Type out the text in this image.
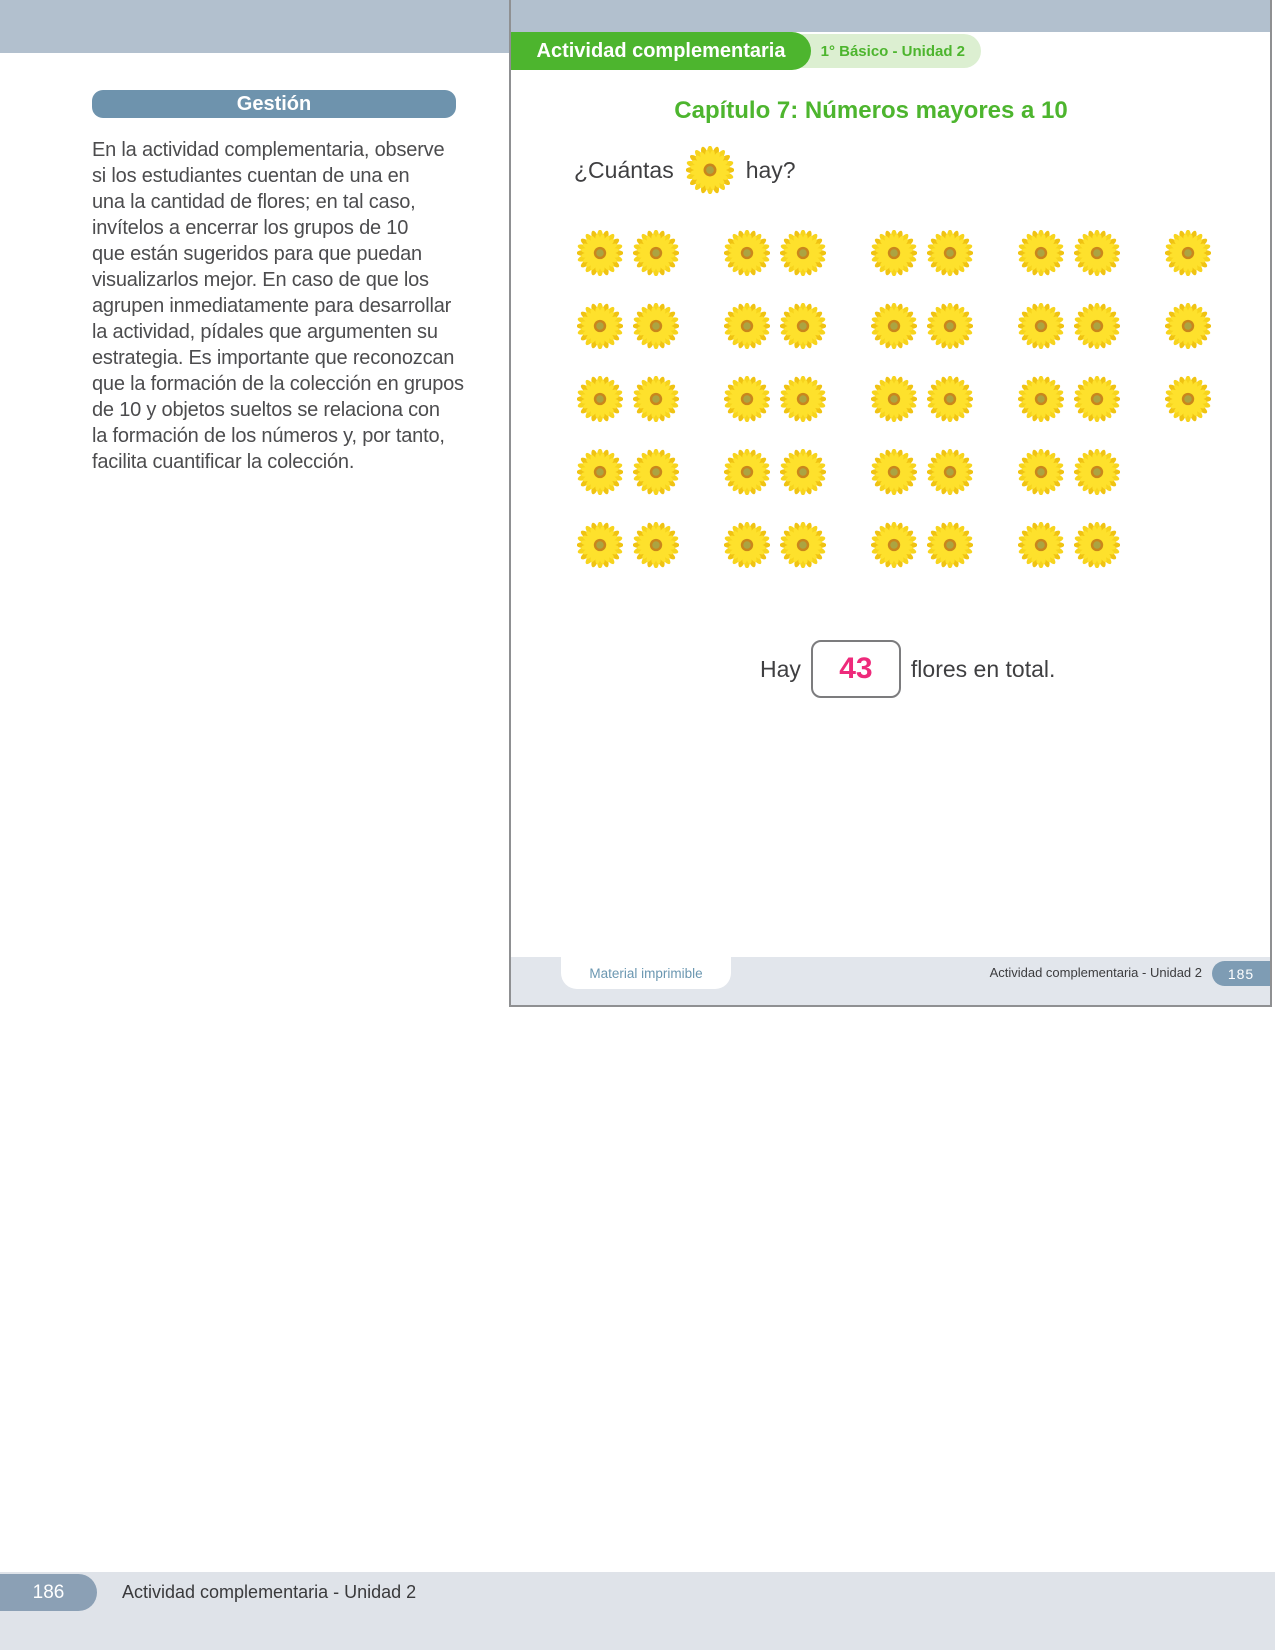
Gestión
En la actividad complementaria, observe
si los estudiantes cuentan de una en
una la cantidad de flores; en tal caso,
invítelos a encerrar los grupos de 10
que están sugeridos para que puedan
visualizarlos mejor. En caso de que los
agrupen inmediatamente para desarrollar
la actividad, pídales que argumenten su
estrategia. Es importante que reconozcan
que la formación de la colección en grupos
de 10 y objetos sueltos se relaciona con
la formación de los números y, por tanto,
facilita cuantificar la colección.
1° Básico - Unidad 2
Actividad complementaria
Capítulo 7: Números mayores a 10
¿Cuántas	hay?
Hay 43 flores en total.
Material imprimible	Actividad complementaria - Unidad 2	185
186	Actividad complementaria - Unidad 2
